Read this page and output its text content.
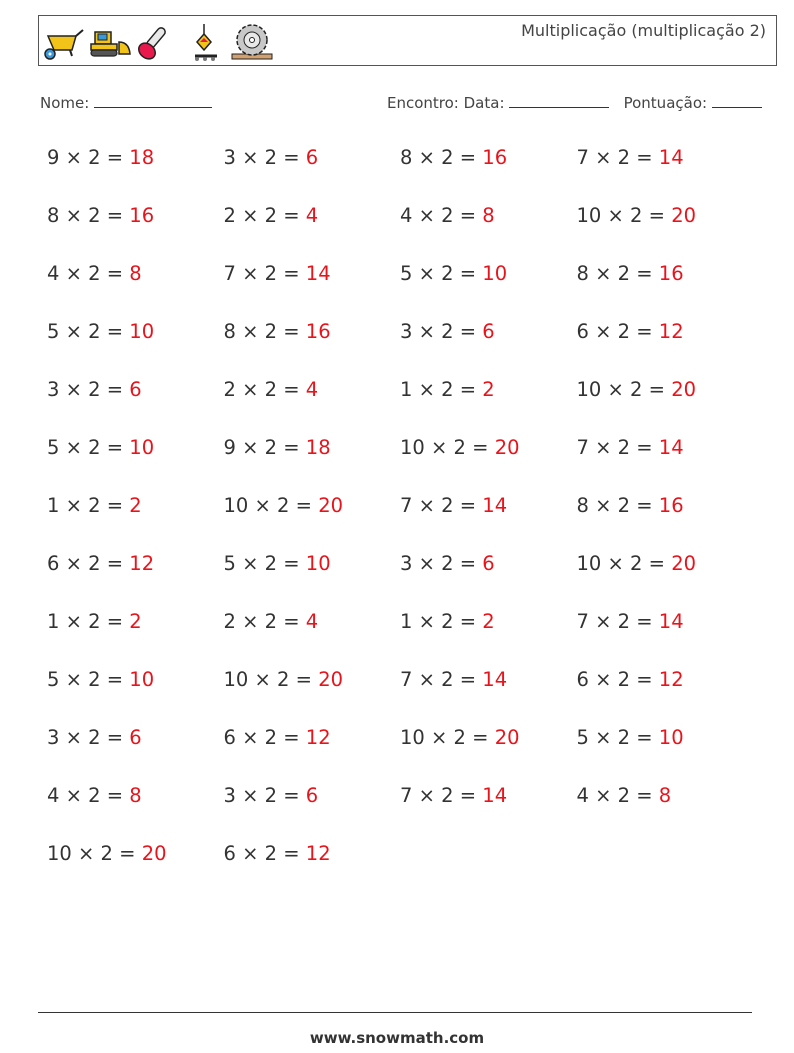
Multiplicação (multiplicação 2)
Nome:	Encontro: Data:	Pontuação:
9 × 2 = 18	3 × 2 = 6	8 × 2 = 16	7 × 2 = 14
8 × 2 = 16	2 × 2 = 4	4 × 2 = 8	10 × 2 = 20
4 × 2 = 8	7 × 2 = 14	5 × 2 = 10	8 × 2 = 16
5 × 2 = 10	8 × 2 = 16	3 × 2 = 6	6 × 2 = 12
3 × 2 = 6	2 × 2 = 4	1 × 2 = 2	10 × 2 = 20
5 × 2 = 10	9 × 2 = 18	10 × 2 = 20	7 × 2 = 14
1 × 2 = 2	10 × 2 = 20	7 × 2 = 14	8 × 2 = 16
6 × 2 = 12	5 × 2 = 10	3 × 2 = 6	10 × 2 = 20
1 × 2 = 2	2 × 2 = 4	1 × 2 = 2	7 × 2 = 14
5 × 2 = 10	10 × 2 = 20	7 × 2 = 14	6 × 2 = 12
3 × 2 = 6	6 × 2 = 12	10 × 2 = 20	5 × 2 = 10
4 × 2 = 8	3 × 2 = 6	7 × 2 = 14	4 × 2 = 8
10 × 2 = 20	6 × 2 = 12
www.snowmath.com
